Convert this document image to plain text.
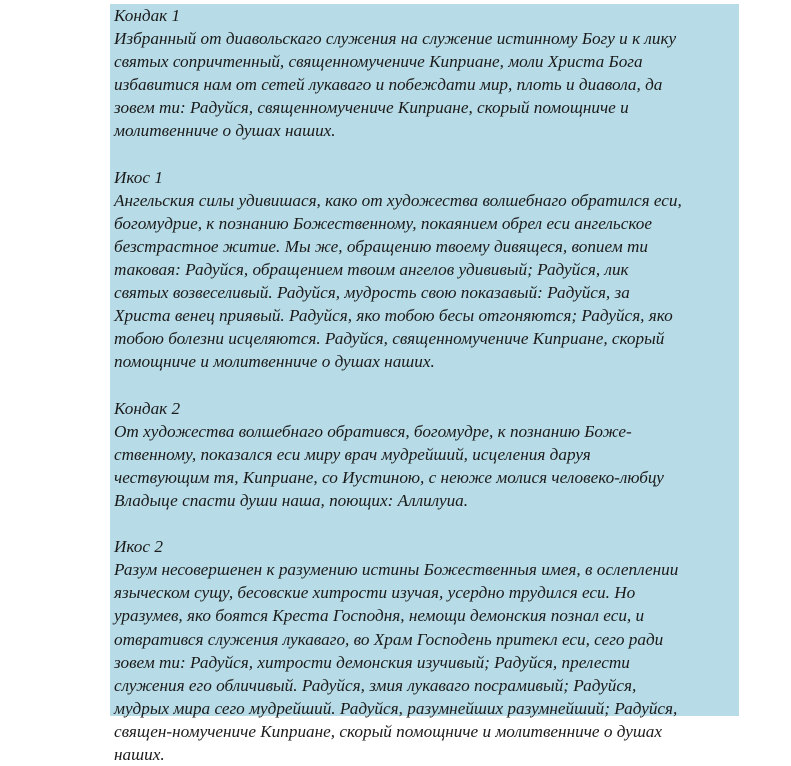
Кондак 1
Избранный от диавольскаго служения на служение истинному Богу и к лику
святых сопричтенный, священномучениче Киприане, моли Христа Бога
избавитися нам от сетей лукаваго и побеждати мир, плоть и диавола, да
зовем ти: Радуйся, священномучениче Киприане, скорый помощниче и
молитвенниче о душах наших.
Икос 1
Ангельския силы удивишася, како от художества волшебнаго обратился еси,
богомудрие, к познанию Божественному, покаянием обрел еси ангельское
безстрастное житие. Мы же, обращению твоему дивящеся, вопием ти
таковая: Радуйся, обращением твоим ангелов удививый; Радуйся, лик
святых возвеселивый. Радуйся, мудрость свою показавый: Радуйся, за
Христа венец приявый. Радуйся, яко тобою бесы отгоняются; Радуйся, яко
тобою болезни исцеляются. Радуйся, священномучениче Киприане, скорый
помощниче и молитвенниче о душах наших.
Кондак 2
От художества волшебнаго обратився, богомудре, к познанию Боже-
ственному, показался еси миру врач мудрейший, исцеления даруя
чествующим тя, Киприане, со Иустиною, с неюже молися человеко-любцу
Владыце спасти души наша, поющих: Аллилуиа.
Икос 2
Разум несовершенен к разумению истины Божественныя имея, в ослеплении
языческом сущу, бесовские хитрости изучая, усердно трудился еси. Но
уразумев, яко боятся Креста Господня, немощи демонския познал еси, и
отвратився служения лукаваго, во Храм Господень притекл еси, сего ради
зовем ти: Радуйся, хитрости демонския изучивый; Радуйся, прелести
служения его обличивый. Радуйся, змия лукаваго посрамивый; Радуйся,
мудрых мира сего мудрейший. Радуйся, разумнейших разумнейший; Радуйся,
священ-номучениче Киприане, скорый помощниче и молитвенниче о душах
наших.
